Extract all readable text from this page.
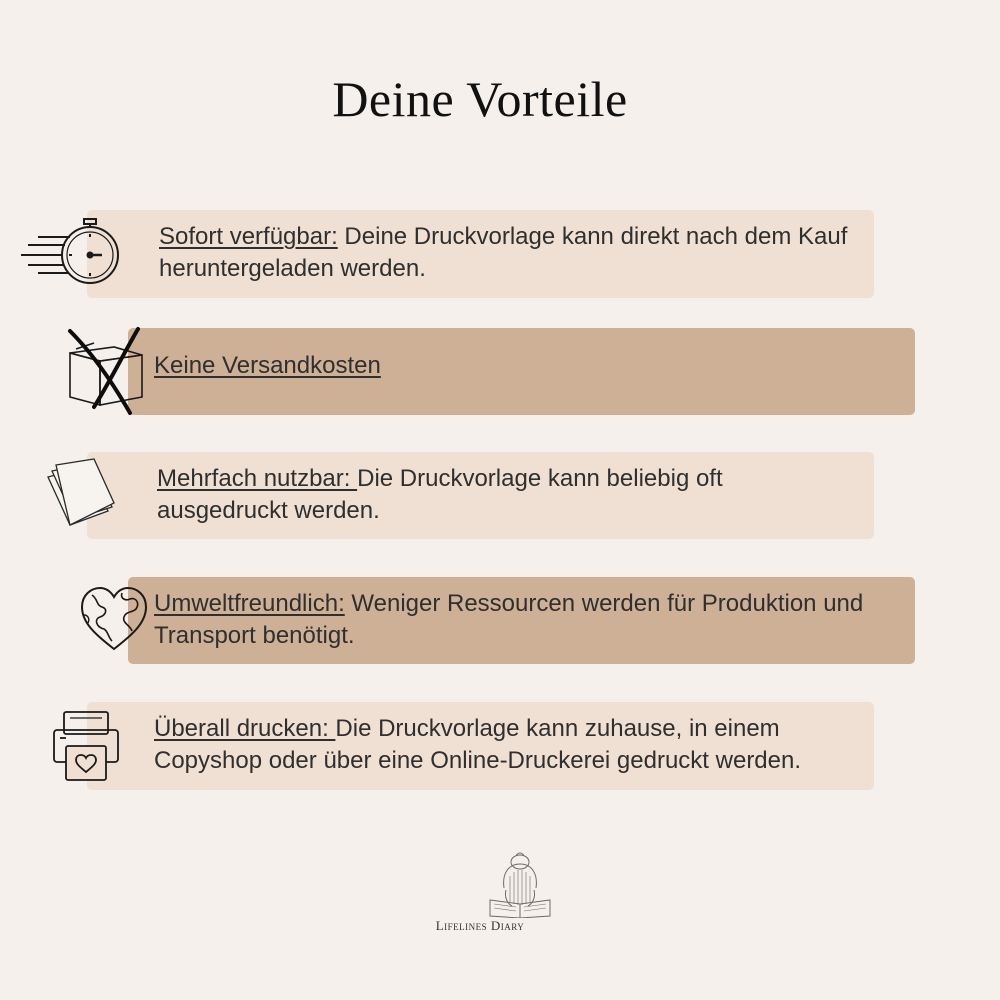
Deine Vorteile
Sofort verfügbar: Deine Druckvorlage kann direkt nach dem Kauf heruntergeladen werden.
Keine Versandkosten
Mehrfach nutzbar: Die Druckvorlage kann beliebig oft ausgedruckt werden.
Umweltfreundlich: Weniger Ressourcen werden für Produktion und Transport benötigt.
Überall drucken: Die Druckvorlage kann zuhause, in einem Copyshop oder über eine Online-Druckerei gedruckt werden.
Lifelines Diary
